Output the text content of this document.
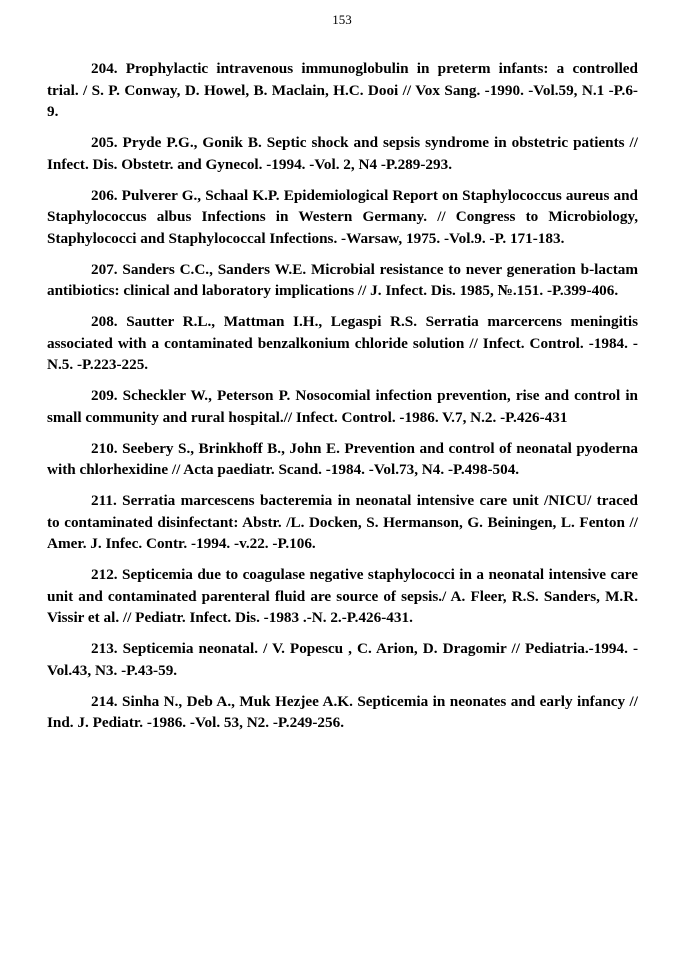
153
204. Prophylactic intravenous immunoglobulin in preterm infants: a controlled trial. / S. P. Conway, D. Howel, B. Maclain, H.C. Dooi // Vox Sang. -1990. -Vol.59, N.1 -P.6-9.
205. Pryde P.G., Gonik B. Septic shock and sepsis syndrome in obstetric patients // Infect. Dis. Obstetr. and Gynecol. -1994. -Vol. 2, N4 -P.289-293.
206. Pulverer G., Schaal K.P. Epidemiological Report on Staphylococcus aureus and Staphylococcus albus Infections in Western Germany. // Congress to Microbiology, Staphylococci and Staphylococcal Infections. -Warsaw, 1975. -Vol.9. -P. 171-183.
207. Sanders C.C., Sanders W.E. Microbial resistance to never generation b-lactam antibiotics: clinical and laboratory implications // J. Infect. Dis. 1985, №.151. -P.399-406.
208. Sautter R.L., Mattman I.H., Legaspi R.S. Serratia marcercens meningitis associated with a contaminated benzalkonium chloride solution // Infect. Control. -1984. -N.5. -P.223-225.
209. Scheckler W., Peterson P. Nosocomial infection prevention, rise and control in small community and rural hospital.// Infect. Control. -1986. V.7, N.2. -P.426-431
210. Seebery S., Brinkhoff B., John E. Prevention and control of neonatal pyoderna with chlorhexidine // Acta paediatr. Scand. -1984. -Vol.73, N4. -P.498-504.
211. Serratia marcescens bacteremia in neonatal intensive care unit /NICU/ traced to contaminated disinfectant: Abstr. /L. Docken, S. Hermanson, G. Beiningen, L. Fenton // Amer. J. Infec. Contr. -1994. -v.22. -P.106.
212. Septicemia due to coagulase negative staphylococci in a neonatal intensive care unit and contaminated parenteral fluid are source of sepsis./ A. Fleer, R.S. Sanders, M.R. Vissir et al. // Pediatr. Infect. Dis. -1983 .-N. 2.-P.426-431.
213. Septicemia neonatal. / V. Popescu , C. Arion, D. Dragomir // Pediatria.-1994. -Vol.43, N3. -P.43-59.
214. Sinha N., Deb A., Muk Hezjee A.K. Septicemia in neonates and early infancy // Ind. J. Pediatr. -1986. -Vol. 53, N2. -P.249-256.
